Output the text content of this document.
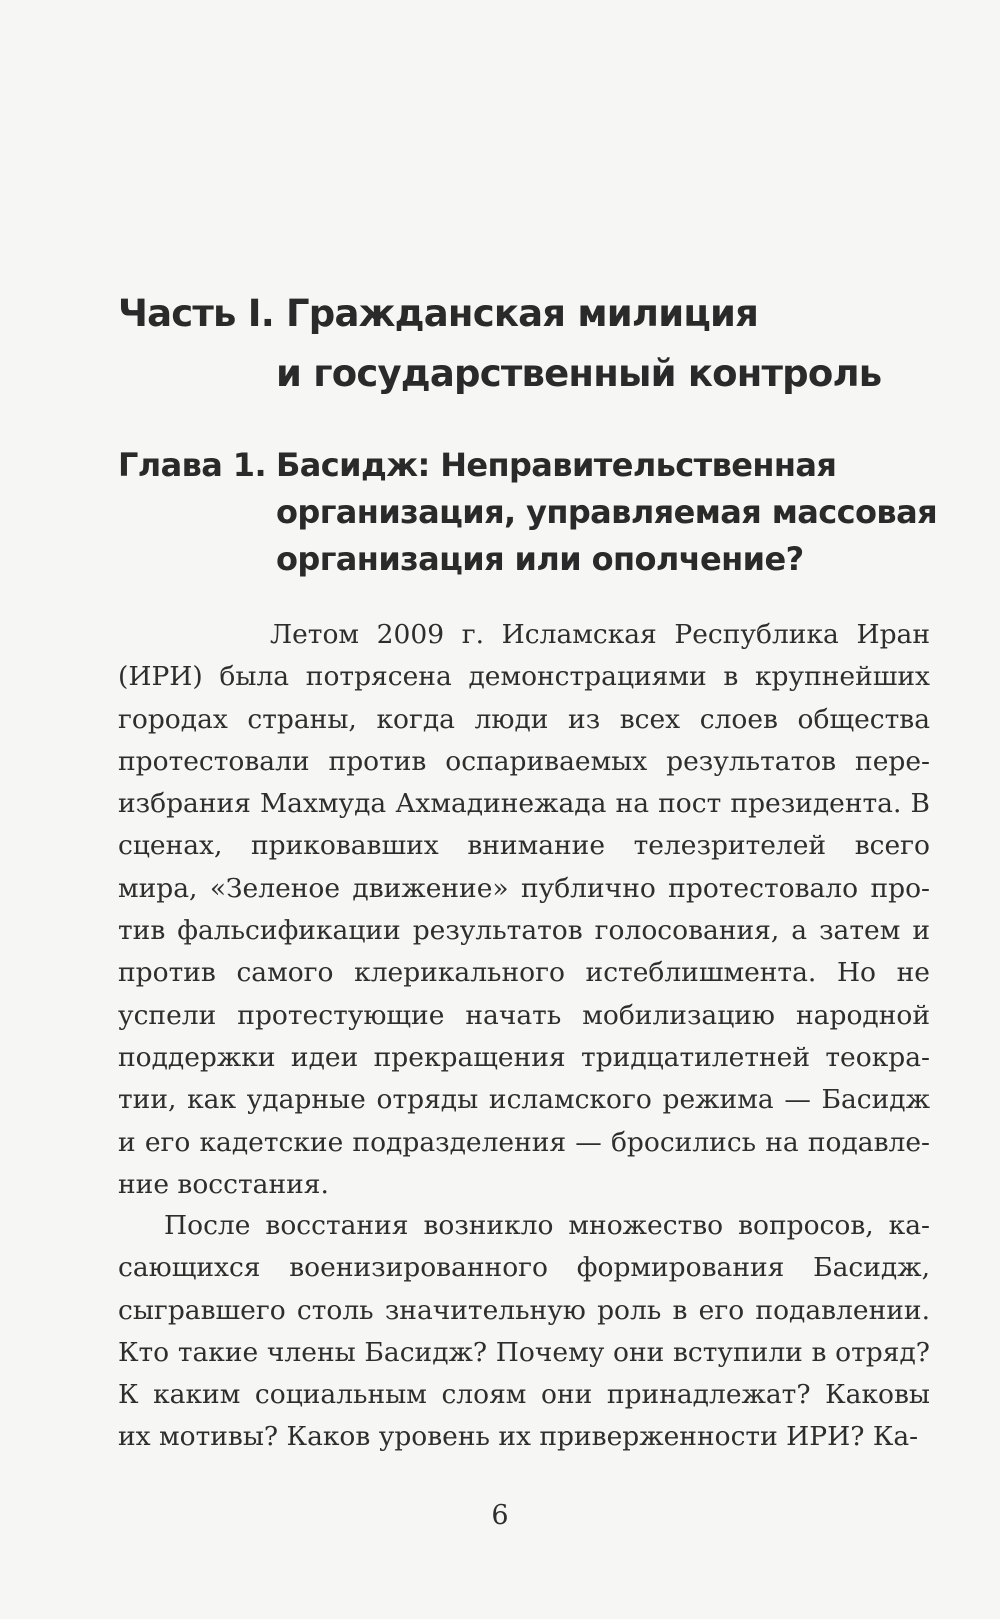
Часть I. Гражданская милиция
и государственный контроль
Глава 1. Басидж: Неправительственная
организация, управляемая массовая
организация или ополчение?

Летом 2009 г. Исламская Республика Иран (ИРИ) была потрясена демонстрациями в крупнейших городах страны, когда люди из всех слоев общества протестовали против оспариваемых результатов переизбрания Махмуда Ахмадинежада на пост президента. В сценах, приковавших внимание телезрителей всего мира, «Зеленое движение» публично протестовало против фальсификации результатов голосования, а затем и против самого клерикального истеблишмента. Но не успели протестующие начать мобилизацию народной поддержки идеи прекращения тридцатилетней теократии, как ударные отряды исламского режима — Басидж и его кадетские подразделения — бросились на подавление восстания.

После восстания возникло множество вопросов, касающихся военизированного формирования Басидж, сыгравшего столь значительную роль в его подавлении. Кто такие члены Басидж? Почему они вступили в отряд? К каким социальным слоям они принадлежат? Каковы их мотивы? Каков уровень их приверженности ИРИ? Ка-

6
